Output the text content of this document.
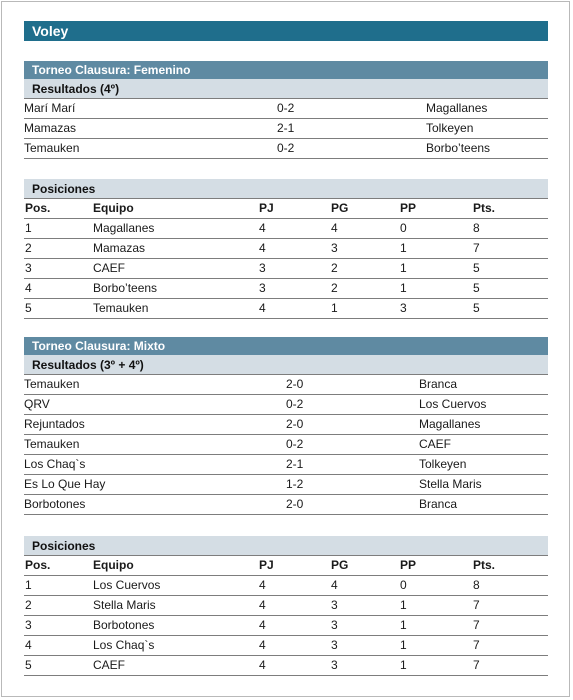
Voley
Torneo Clausura: Femenino
Resultados (4º)
Marí Marí	0-2	Magallanes
Mamazas	2-1	Tolkeyen
Temauken	0-2	Borbo’teens
Posiciones
Pos.	Equipo	PJ	PG	PP	Pts.
1	Magallanes	4	4	0	8
2	Mamazas	4	3	1	7
3	CAEF	3	2	1	5
4	Borbo’teens	3	2	1	5
5	Temauken	4	1	3	5
Torneo Clausura: Mixto
Resultados (3º + 4º)
Temauken	2-0	Branca
QRV	0-2	Los Cuervos
Rejuntados	2-0	Magallanes
Temauken	0-2	CAEF
Los Chaq`s	2-1	Tolkeyen
Es Lo Que Hay	1-2	Stella Maris
Borbotones	2-0	Branca
Posiciones
Pos.	Equipo	PJ	PG	PP	Pts.
1	Los Cuervos	4	4	0	8
2	Stella Maris	4	3	1	7
3	Borbotones	4	3	1	7
4	Los Chaq`s	4	3	1	7
5	CAEF	4	3	1	7
